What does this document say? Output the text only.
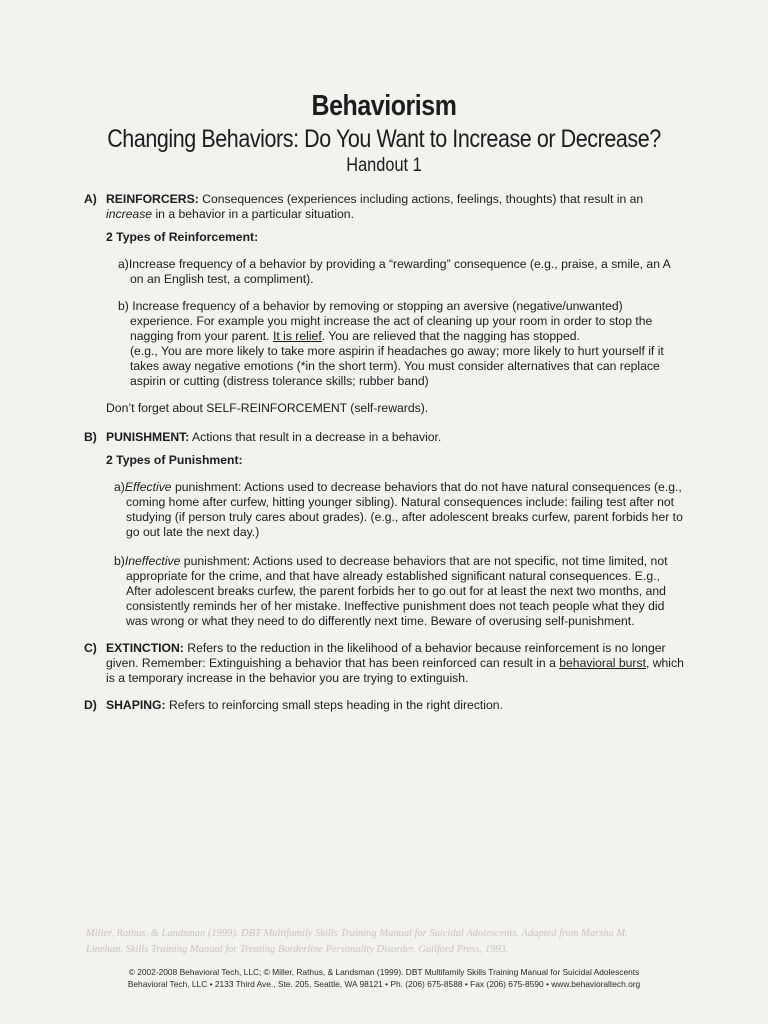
Behaviorism
Changing Behaviors: Do You Want to Increase or Decrease?
Handout 1
A) REINFORCERS: Consequences (experiences including actions, feelings, thoughts) that result in an increase in a behavior in a particular situation.
2 Types of Reinforcement:
a)Increase frequency of a behavior by providing a “rewarding” consequence (e.g., praise, a smile, an A on an English test, a compliment).
b) Increase frequency of a behavior by removing or stopping an aversive (negative/unwanted) experience. For example you might increase the act of cleaning up your room in order to stop the nagging from your parent. It is relief. You are relieved that the nagging has stopped.
(e.g., You are more likely to take more aspirin if headaches go away; more likely to hurt yourself if it takes away negative emotions (*in the short term). You must consider alternatives that can replace aspirin or cutting (distress tolerance skills; rubber band)
Don’t forget about SELF-REINFORCEMENT (self-rewards).
B) PUNISHMENT: Actions that result in a decrease in a behavior.
2 Types of Punishment:
a)Effective punishment: Actions used to decrease behaviors that do not have natural consequences (e.g., coming home after curfew, hitting younger sibling). Natural consequences include: failing test after not studying (if person truly cares about grades). (e.g., after adolescent breaks curfew, parent forbids her to go out late the next day.)
b)Ineffective punishment: Actions used to decrease behaviors that are not specific, not time limited, not appropriate for the crime, and that have already established significant natural consequences. E.g., After adolescent breaks curfew, the parent forbids her to go out for at least the next two months, and consistently reminds her of her mistake. Ineffective punishment does not teach people what they did was wrong or what they need to do differently next time. Beware of overusing self-punishment.
C) EXTINCTION: Refers to the reduction in the likelihood of a behavior because reinforcement is no longer given. Remember: Extinguishing a behavior that has been reinforced can result in a behavioral burst, which is a temporary increase in the behavior you are trying to extinguish.
D) SHAPING: Refers to reinforcing small steps heading in the right direction.
Miller, Rathus, & Landsman (1999). DBT Multifamily Skills Training Manual for Suicidal Adolescents. Adapted from Marsha M.
Linehan. Skills Training Manual for Treating Borderline Personality Disorder. Guilford Press, 1993.
© 2002-2008 Behavioral Tech, LLC; © Miller, Rathus, & Landsman (1999). DBT Multifamily Skills Training Manual for Suicidal Adolescents
Behavioral Tech, LLC • 2133 Third Ave., Ste. 205, Seattle, WA 98121 • Ph. (206) 675-8588 • Fax (206) 675-8590 • www.behavioraltech.org
